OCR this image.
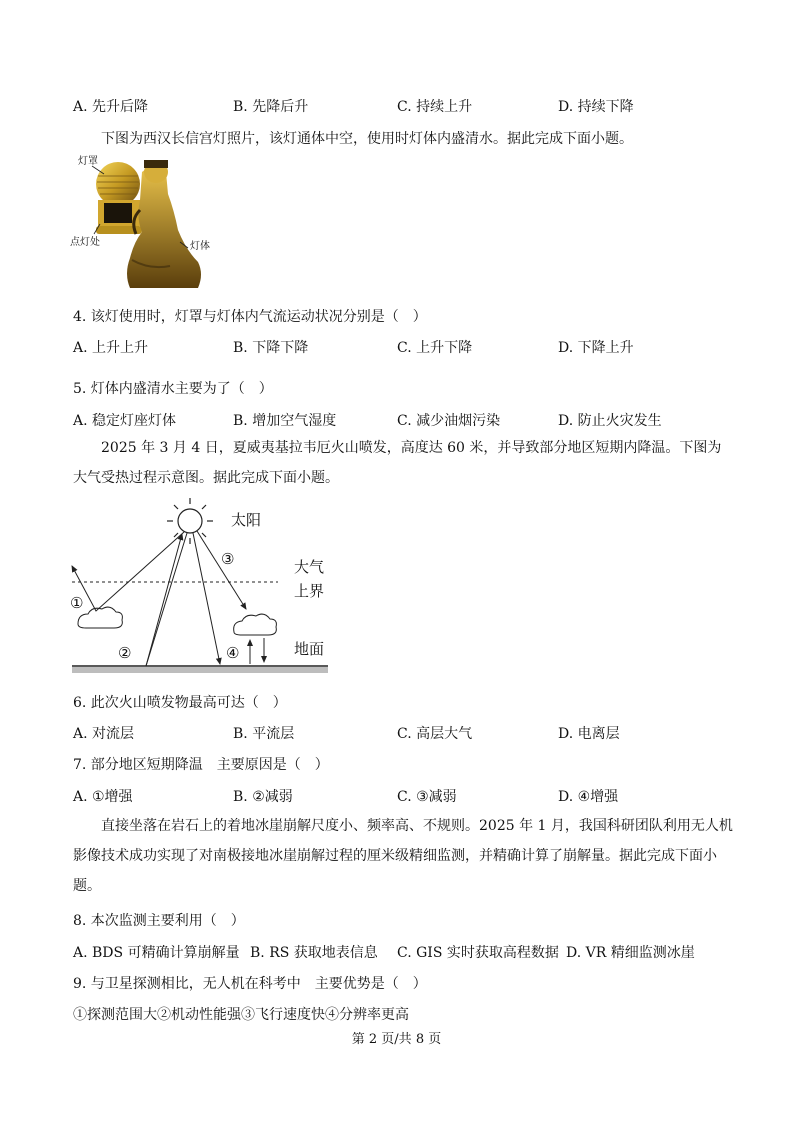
A. 先升后降	B. 先降后升	C. 持续上升	D. 持续下降
下图为西汉长信宫灯照片，该灯通体中空，使用时灯体内盛清水。据此完成下面小题。
灯罩
点灯处	灯体
4. 该灯使用时，灯罩与灯体内气流运动状况分别是（　）
A. 上升上升	B. 下降下降	C. 上升下降	D. 下降上升
5. 灯体内盛清水主要为了（　）
A. 稳定灯座灯体	B. 增加空气湿度	C. 减少油烟污染	D. 防止火灾发生
2025 年 3 月 4 日，夏威夷基拉韦厄火山喷发，高度达 60 米，并导致部分地区短期内降温。下图为大气受热过程示意图。据此完成下面小题。
太阳
大气
上界
地面
①
②
③
④
6. 此次火山喷发物最高可达（　）
A. 对流层	B. 平流层	C. 高层大气	D. 电离层
7. 部分地区短期降温　主要原因是（　）
A. ①增强	B. ②减弱	C. ③减弱	D. ④增强
直接坐落在岩石上的着地冰崖崩解尺度小、频率高、不规则。2025 年 1 月，我国科研团队利用无人机影像技术成功实现了对南极接地冰崖崩解过程的厘米级精细监测，并精确计算了崩解量。据此完成下面小题。
8. 本次监测主要利用（　）
A. BDS 可精确计算崩解量 B. RS 获取地表信息 C. GIS 实时获取高程数据 D. VR 精细监测冰崖
9. 与卫星探测相比，无人机在科考中　主要优势是（　）
①探测范围大②机动性能强③飞行速度快④分辨率更高
第 2 页/共 8 页
